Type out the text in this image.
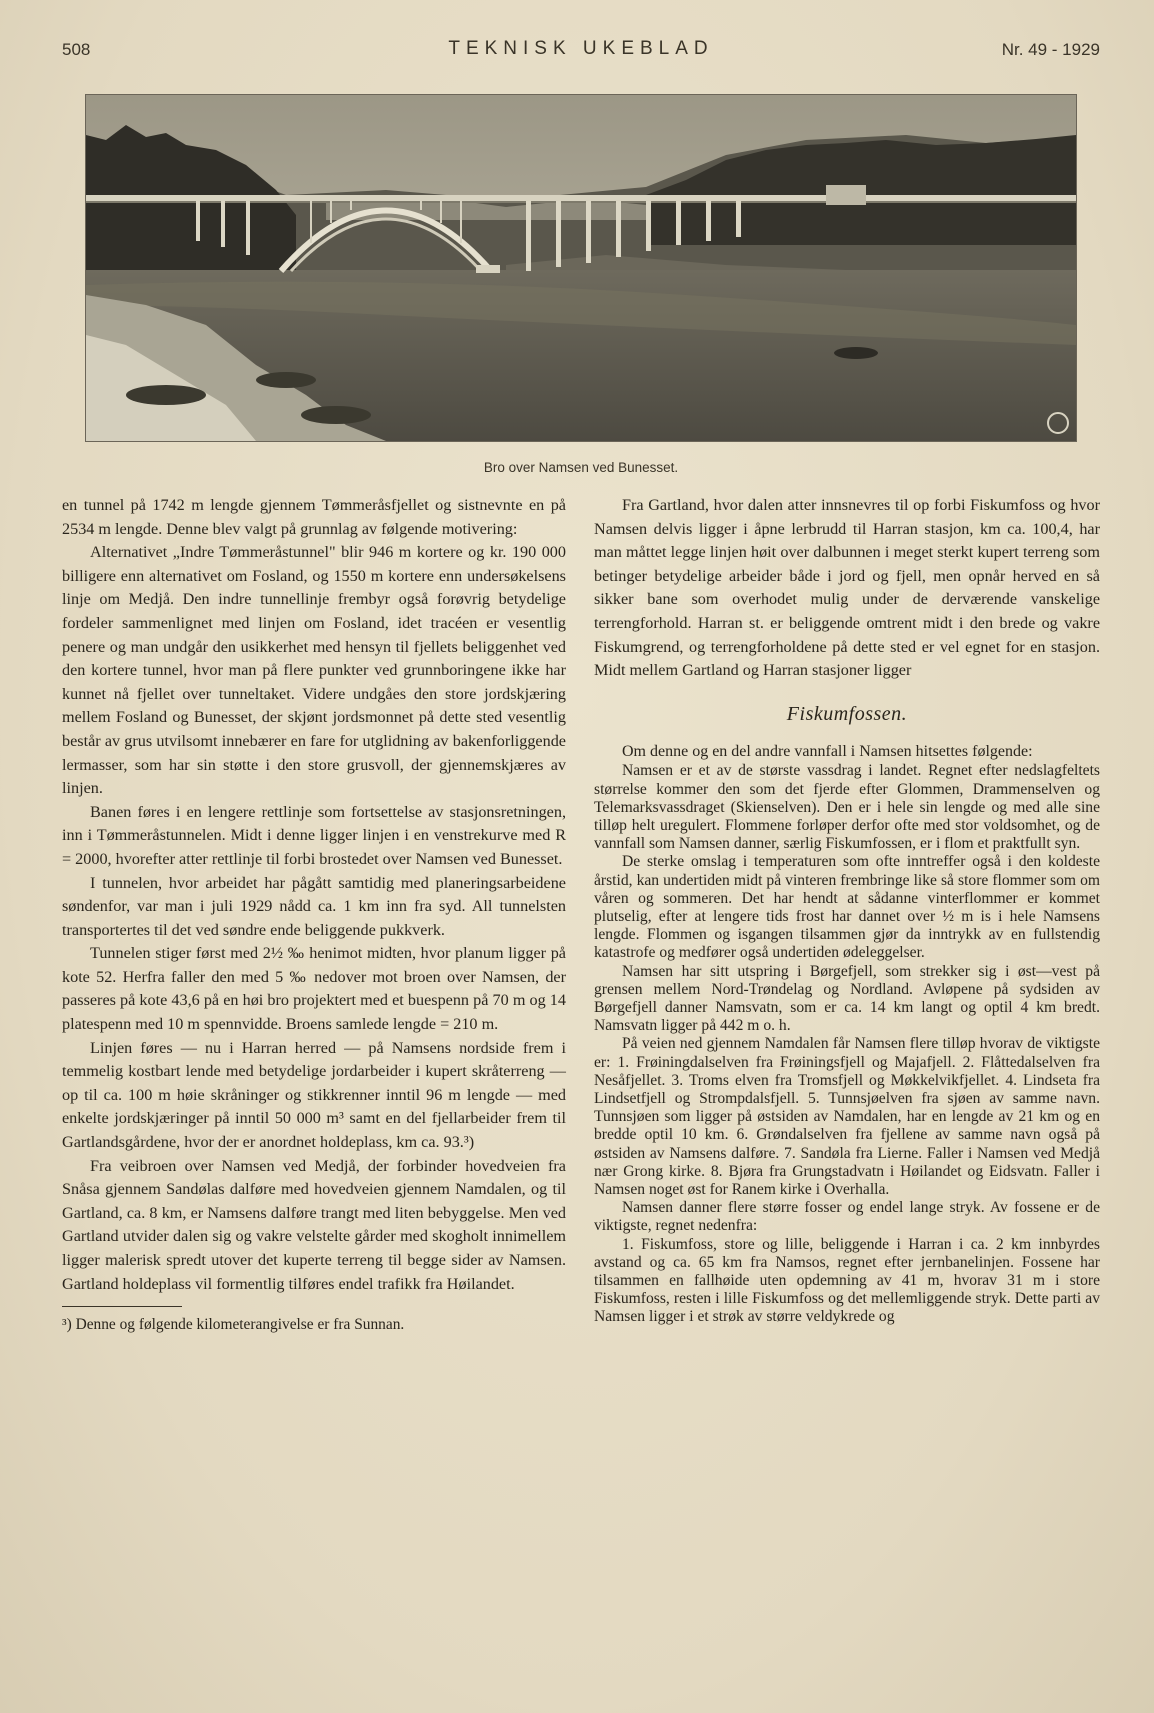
508	TEKNISK UKEBLAD	Nr. 49 - 1929
Bro over Namsen ved Bunesset.

en tunnel på 1742 m lengde gjennem Tømmeråsfjellet og sistnevnte en på 2534 m lengde. Denne blev valgt på grunnlag av følgende motivering:

Alternativet „Indre Tømmeråstunnel" blir 946 m kortere og kr. 190 000 billigere enn alternativet om Fosland, og 1550 m kortere enn undersøkelsens linje om Medjå. Den indre tunnellinje frembyr også forøvrig betydelige fordeler sammenlignet med linjen om Fosland, idet tracéen er vesentlig penere og man undgår den usikkerhet med hensyn til fjellets beliggenhet ved den kortere tunnel, hvor man på flere punkter ved grunnboringene ikke har kunnet nå fjellet over tunneltaket. Videre undgåes den store jordskjæring mellem Fosland og Bunesset, der skjønt jordsmonnet på dette sted vesentlig består av grus utvilsomt innebærer en fare for utglidning av bakenforliggende lermasser, som har sin støtte i den store grusvoll, der gjennemskjæres av linjen.

Banen føres i en lengere rettlinje som fortsettelse av stasjonsretningen, inn i Tømmeråstunnelen. Midt i denne ligger linjen i en venstrekurve med R = 2000, hvorefter atter rettlinje til forbi brostedet over Namsen ved Bunesset.

I tunnelen, hvor arbeidet har pågått samtidig med planeringsarbeidene søndenfor, var man i juli 1929 nådd ca. 1 km inn fra syd. All tunnelsten transportertes til det ved søndre ende beliggende pukkverk.

Tunnelen stiger først med 2½ ‰ henimot midten, hvor planum ligger på kote 52. Herfra faller den med 5 ‰ nedover mot broen over Namsen, der passeres på kote 43,6 på en høi bro projektert med et buespenn på 70 m og 14 platespenn med 10 m spennvidde. Broens samlede lengde = 210 m.

Linjen føres — nu i Harran herred — på Namsens nordside frem i temmelig kostbart lende med betydelige jordarbeider i kupert skråterreng — op til ca. 100 m høie skråninger og stikkrenner inntil 96 m lengde — med enkelte jordskjæringer på inntil 50 000 m³ samt en del fjellarbeider frem til Gartlandsgårdene, hvor der er anordnet holdeplass, km ca. 93.³)

Fra veibroen over Namsen ved Medjå, der forbinder hovedveien fra Snåsa gjennem Sandølas dalføre med hovedveien gjennem Namdalen, og til Gartland, ca. 8 km, er Namsens dalføre trangt med liten bebyggelse. Men ved Gartland utvider dalen sig og vakre velstelte gårder med skogholt innimellem ligger malerisk spredt utover det kuperte terreng til begge sider av Namsen. Gartland holdeplass vil formentlig tilføres endel trafikk fra Høilandet.

³) Denne og følgende kilometerangivelse er fra Sunnan.

Fra Gartland, hvor dalen atter innsnevres til op forbi Fiskumfoss og hvor Namsen delvis ligger i åpne lerbrudd til Harran stasjon, km ca. 100,4, har man måttet legge linjen høit over dalbunnen i meget sterkt kupert terreng som betinger betydelige arbeider både i jord og fjell, men opnår herved en så sikker bane som overhodet mulig under de derværende vanskelige terrengforhold. Harran st. er beliggende omtrent midt i den brede og vakre Fiskumgrend, og terrengforholdene på dette sted er vel egnet for en stasjon. Midt mellem Gartland og Harran stasjoner ligger

Fiskumfossen.

Om denne og en del andre vannfall i Namsen hitsettes følgende:

Namsen er et av de største vassdrag i landet. Regnet efter nedslagfeltets størrelse kommer den som det fjerde efter Glommen, Drammenselven og Telemarksvassdraget (Skienselven). Den er i hele sin lengde og med alle sine tilløp helt uregulert. Flommene forløper derfor ofte med stor voldsomhet, og de vannfall som Namsen danner, særlig Fiskumfossen, er i flom et praktfullt syn.

De sterke omslag i temperaturen som ofte inntreffer også i den koldeste årstid, kan undertiden midt på vinteren frembringe like så store flommer som om våren og sommeren. Det har hendt at sådanne vinterflommer er kommet plutselig, efter at lengere tids frost har dannet over ½ m is i hele Namsens lengde. Flommen og isgangen tilsammen gjør da inntrykk av en fullstendig katastrofe og medfører også undertiden ødeleggelser.

Namsen har sitt utspring i Børgefjell, som strekker sig i øst—vest på grensen mellem Nord-Trøndelag og Nordland. Avløpene på sydsiden av Børgefjell danner Namsvatn, som er ca. 14 km langt og optil 4 km bredt. Namsvatn ligger på 442 m o. h.

På veien ned gjennem Namdalen får Namsen flere tilløp hvorav de viktigste er: 1. Frøiningdalselven fra Frøiningsfjell og Majafjell. 2. Flåttedalselven fra Nesåfjellet. 3. Troms elven fra Tromsfjell og Møkkelvikfjellet. 4. Lindseta fra Lindsetfjell og Strompdalsfjell. 5. Tunnsjøelven fra sjøen av samme navn. Tunnsjøen som ligger på østsiden av Namdalen, har en lengde av 21 km og en bredde optil 10 km. 6. Grøndalselven fra fjellene av samme navn også på østsiden av Namsens dalføre. 7. Sandøla fra Lierne. Faller i Namsen ved Medjå nær Grong kirke. 8. Bjøra fra Grungstadvatn i Høilandet og Eidsvatn. Faller i Namsen noget øst for Ranem kirke i Overhalla.

Namsen danner flere større fosser og endel lange stryk. Av fossene er de viktigste, regnet nedenfra:

1. Fiskumfoss, store og lille, beliggende i Harran i ca. 2 km innbyrdes avstand og ca. 65 km fra Namsos, regnet efter jernbanelinjen. Fossene har tilsammen en fallhøide uten opdemning av 41 m, hvorav 31 m i store Fiskumfoss, resten i lille Fiskumfoss og det mellemliggende stryk. Dette parti av Namsen ligger i et strøk av større veldykrede og
